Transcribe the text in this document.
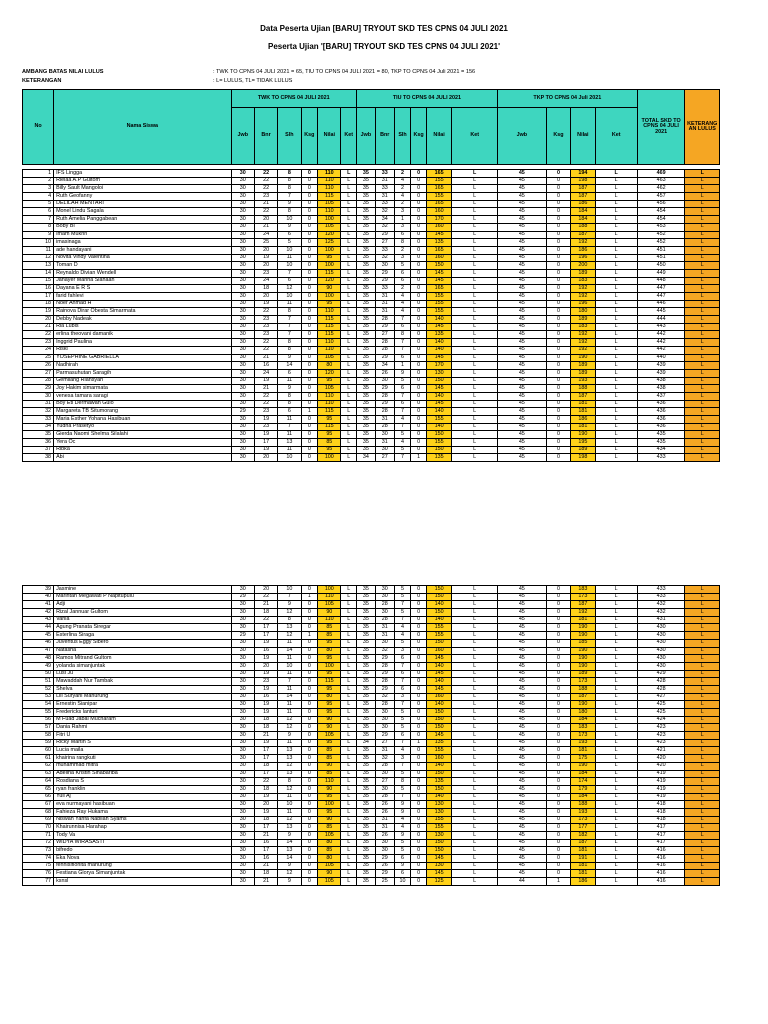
Data Peserta Ujian [BARU] TRYOUT SKD TES CPNS 04 JULI 2021
Peserta Ujian '[BARU] TRYOUT SKD TES CPNS 04 JULI 2021'
AMBANG BATAS NILAI LULUS	: TWK TO CPNS 04 JULI 2021 = 65, TIU TO CPNS 04 JULI 2021 = 80, TKP TO CPNS 04 Juli 2021 = 156
KETERANGAN	: L= LULUS, TL= TIDAK LULUS
No	Nama Siswa	TWK TO CPNS 04 JULI 2021						TIU TO CPNS 04 JULI 2021						TKP TO CPNS 04 Juli 2021				TOTAL SKD TO CPNS 04 JULI 2021	KETERANG AN LULUS
		Jwb	Bnr	Slh	Ksg	Nilai	Ket	Jwb	Bnr	Slh	Ksg	Nilai	Ket	Jwb	Ksg	Nilai	Ket		
1	IFS Lingga	30	22	8	0	110	L	35	33	2	0	165	L	45	0	194	L	469	L
2	Rieiaa A.P Gultom	30	22	8	0	110	L	35	31	4	0	155	L	45	0	198	L	463	L
3	Billy Sault Mangoloi	30	22	8	0	110	L	35	33	2	0	165	L	45	0	187	L	462	L
4	Ruth Geofanny	30	23	7	0	115	L	35	31	4	0	155	L	45	0	187	L	457	L
5	DELILAH MENTARI	30	21	9	0	105	L	35	33	2	0	165	L	45	0	186	L	456	L
6	Monel Lindu Sagala	30	22	8	0	110	L	35	32	3	0	160	L	45	0	184	L	454	L
7	Ruth Amelia Panggabean	30	20	10	0	100	L	35	34	1	0	170	L	45	0	184	L	454	L
8	Boby Bi	30	21	9	0	105	L	35	32	3	0	160	L	45	0	188	L	453	L
9	Imam Mukhri	30	24	6	0	120	L	35	29	6	0	145	L	45	0	187	L	452	L
10	imasinaga	30	25	5	0	125	L	35	27	8	0	135	L	45	0	192	L	452	L
11	ade handayani	30	20	10	0	100	L	35	33	2	0	165	L	45	0	186	L	451	L
12	Novita Vindy Valentina	30	19	11	0	95	L	35	32	3	0	160	L	45	0	196	L	451	L
13	Toman D	30	20	10	0	100	L	35	30	5	0	150	L	45	0	200	L	450	L
14	Reynaldo Divian Wendell	30	23	7	0	115	L	35	29	6	0	145	L	45	0	189	L	449	L
15	Janayer Marina Siahaan	30	24	6	0	120	L	35	29	6	0	145	L	45	0	183	L	448	L
16	Dayana E R S	30	18	12	0	90	L	35	33	2	0	165	L	45	0	192	L	447	L
17	farid fahlevi	30	20	10	0	100	L	35	31	4	0	155	L	45	0	192	L	447	L
18	Noer Ahmad H	30	19	11	0	95	L	35	31	4	0	155	L	45	0	196	L	446	L
19	Rainova Dirar Obesta Simarmata	30	22	8	0	110	L	35	31	4	0	155	L	45	0	180	L	445	L
20	Debby Nadeak	30	23	7	0	115	L	35	28	7	0	140	L	45	0	189	L	444	L
21	Ria Lubis	30	23	7	0	115	L	35	29	6	0	145	L	45	0	183	L	443	L
22	erlina theovani damanik	30	23	7	0	115	L	35	27	8	0	135	L	45	0	192	L	442	L
23	Inggrid Paulina	30	22	8	0	110	L	35	28	7	0	140	L	45	0	192	L	442	L
24	Riski	30	22	8	0	110	L	35	28	7	0	140	L	45	0	192	L	442	L
25	YOSEPHINE GABRIELLA	30	21	9	0	105	L	35	29	6	0	145	L	45	0	190	L	440	L
26	Nadhirah	30	16	14	0	80	L	35	34	1	0	170	L	45	0	189	L	439	L
27	Parmasuhutan Saragih	30	24	6	0	120	L	35	26	9	0	130	L	45	0	189	L	439	L
28	Gemilang Riansyah	30	19	11	0	95	L	35	30	5	0	150	L	45	0	193	L	438	L
29	Joy Hakim simarmata	30	21	9	0	105	L	35	29	6	0	145	L	45	0	188	L	438	L
30	venesa tamara saragi	30	22	8	0	110	L	35	28	7	0	140	L	45	0	187	L	437	L
31	Boy Eti Dermawan Gulo	30	22	8	0	110	L	35	29	6	0	145	L	45	0	181	L	436	L
32	Margareta TB Situmorang	29	23	6	1	115	L	35	28	7	0	140	L	45	0	181	L	436	L
33	Maria Esther Yohana Hasibuan	30	19	11	0	95	L	35	31	4	0	155	L	45	0	186	L	436	L
34	Yudha Prasetyo	30	23	7	0	115	L	35	28	7	0	140	L	45	0	181	L	436	L
35	Gierda Naomi Shelma Silalahi	30	19	11	0	95	L	35	30	5	0	150	L	45	0	190	L	435	L
36	Yera Oc	30	17	13	0	85	L	35	31	4	0	155	L	45	0	195	L	435	L
37	Ribka	30	19	11	0	95	L	35	30	5	0	150	L	45	0	189	L	434	L
38	Abi	30	20	10	0	100	L	34	27	7	1	135	L	45	0	198	L	433	L
39	Jasmine	30	20	10	0	100	L	35	30	5	0	150	L	45	0	183	L	433	L
40	Marintan Megawati P Napitupulu	29	22	7	1	110	L	35	30	5	0	150	L	45	0	173	L	433	L
41	Adji	30	21	9	0	105	L	35	28	7	0	140	L	45	0	187	L	432	L
42	Rizal Jannuar Gultom	30	18	12	0	90	L	35	30	5	0	150	L	45	0	192	L	432	L
43	Vania	30	22	8	0	110	L	35	28	7	0	140	L	45	0	181	L	431	L
44	Agung Pranata Siregar	30	17	13	0	85	L	35	31	4	0	155	L	45	0	190	L	430	L
45	Esterlina Siraga	29	17	12	1	85	L	35	31	4	0	155	L	45	0	190	L	430	L
46	Juventus Eggy Sibero	30	19	11	0	95	L	35	30	5	0	150	L	45	0	185	L	430	L
47	Natasha	30	16	14	0	80	L	35	32	3	0	160	L	45	0	190	L	430	L
48	Ramos Mitrand Gultom	30	19	11	0	95	L	35	29	6	0	145	L	45	0	190	L	430	L
49	yolanda simanjuntak	30	20	10	0	100	L	35	28	7	0	140	L	45	0	190	L	430	L
50	Lusi Ju	30	19	11	0	95	L	35	29	6	0	145	L	45	0	189	L	429	L
51	Mawaddah Nur Tambak	30	23	7	0	115	L	35	28	7	0	140	L	45	0	173	L	428	L
52	Shelva	30	19	11	0	95	L	35	29	6	0	145	L	45	0	188	L	428	L
53	Lili Suryani Manurung	30	16	14	0	80	L	35	32	3	0	160	L	45	0	187	L	427	L
54	Ernestin Sianipar	30	19	11	0	95	L	35	28	7	0	140	L	45	0	190	L	425	L
55	Fredericks lanturi	30	19	11	0	95	L	35	30	5	0	150	L	45	0	180	L	425	L
56	M Fuad Jabal Mucharam	30	18	12	0	90	L	35	30	5	0	150	L	45	0	184	L	424	L
57	Dania Rahmi	30	18	12	0	90	L	35	30	5	0	150	L	45	0	183	L	423	L
58	Fitri U	30	21	9	0	105	L	35	29	6	0	145	L	45	0	173	L	423	L
59	Ricky Martin S	30	19	11	0	95	L	34	27	7	1	135	L	45	0	193	L	423	L
60	Lucia maila	30	17	13	0	85	L	35	31	4	0	155	L	45	0	181	L	421	L
61	khairina rangkuti	30	17	13	0	85	L	35	32	3	0	160	L	45	0	175	L	420	L
62	muhammad mitra	30	18	12	0	90	L	35	28	7	0	140	L	45	0	190	L	420	L
63	Adelina Kristin Sinabariba	30	17	13	0	85	L	35	30	5	0	150	L	45	0	184	L	419	L
64	Rosdiana S	30	22	8	0	110	L	35	27	8	0	135	L	45	0	174	L	419	L
65	ryan franklin	30	18	12	0	90	L	35	30	5	0	150	L	45	0	179	L	419	L
66	Yuli Aj	30	19	11	0	95	L	35	28	7	0	140	L	45	0	184	L	419	L
67	eva nurmayani hasibuan	30	20	10	0	100	L	35	26	9	0	130	L	45	0	188	L	418	L
68	Fahieza Ray Hukama	30	19	11	0	95	L	35	26	9	0	130	L	45	0	193	L	418	L
69	Niswah Yanfa Nabilah Syams	30	18	12	0	90	L	35	31	4	0	155	L	45	0	173	L	418	L
70	Khairunnisa Harahap	30	17	13	0	85	L	35	31	4	0	155	L	45	0	177	L	417	L
71	Tody Va	30	21	9	0	105	L	35	26	9	0	130	L	45	0	182	L	417	L
72	WIDYA WIRASASTI	30	16	14	0	80	L	35	30	5	0	150	L	45	0	187	L	417	L
73	bifredo	30	17	13	0	85	L	35	30	5	0	150	L	45	0	181	L	416	L
74	Eka Nova	30	16	14	0	80	L	35	29	6	0	145	L	45	0	191	L	416	L
75	fennisifionita manurung	30	21	9	0	105	L	35	26	9	0	130	L	45	0	181	L	416	L
76	Festiana Glorya Simanjuntak	30	18	12	0	90	L	35	29	6	0	145	L	45	0	181	L	416	L
77	ksnsl	30	21	9	0	105	L	35	25	10	0	125	L	44	1	186	L	416	L
